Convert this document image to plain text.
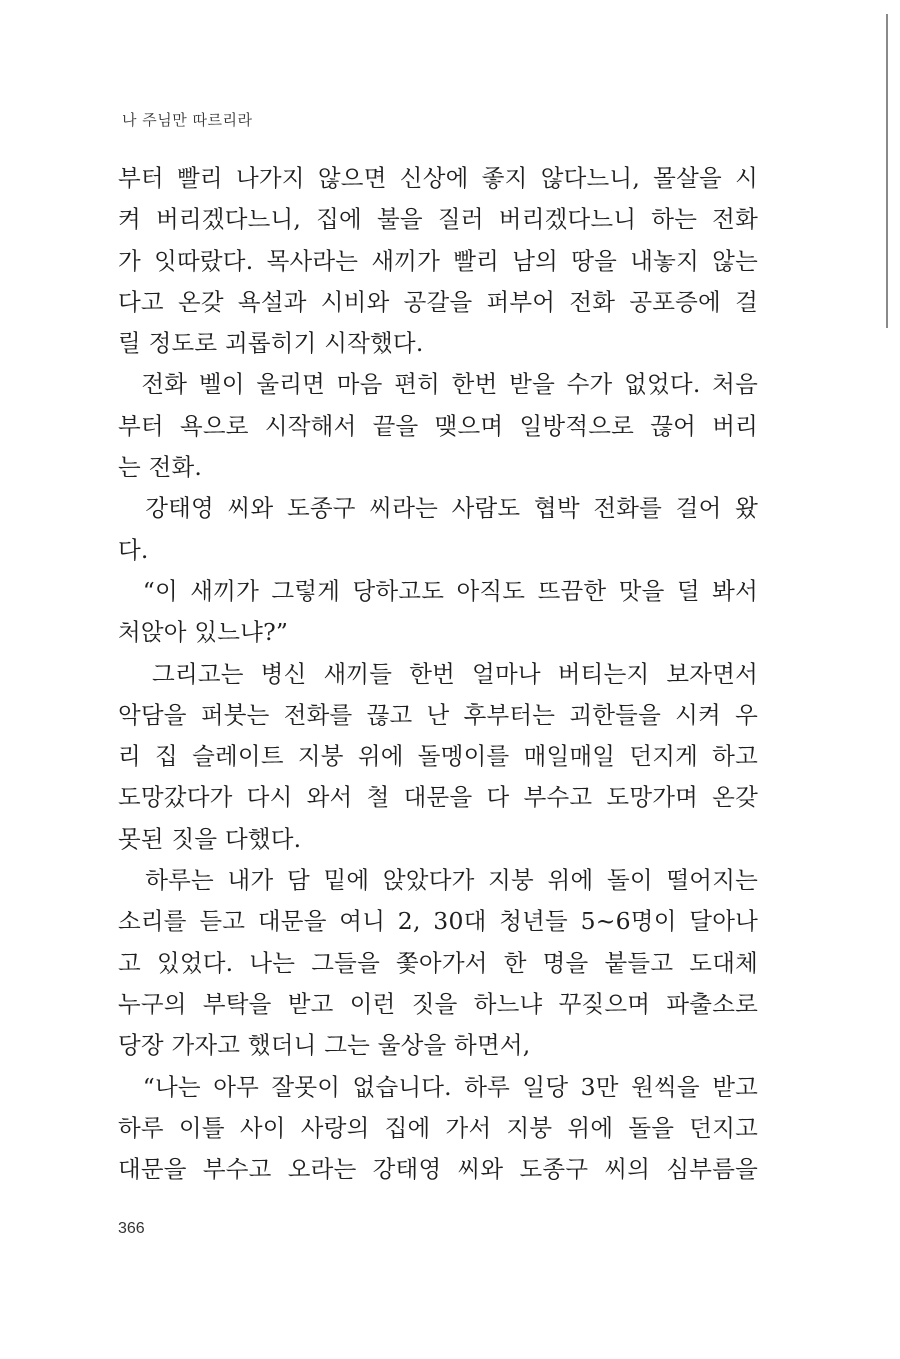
나 주님만 따르리라
부터 빨리 나가지 않으면 신상에 좋지 않다느니, 몰살을 시
켜 버리겠다느니, 집에 불을 질러 버리겠다느니 하는 전화
가 잇따랐다. 목사라는 새끼가 빨리 남의 땅을 내놓지 않는
다고 온갖 욕설과 시비와 공갈을 퍼부어 전화 공포증에 걸
릴 정도로 괴롭히기 시작했다.
전화 벨이 울리면 마음 편히 한번 받을 수가 없었다. 처음
부터 욕으로 시작해서 끝을 맺으며 일방적으로 끊어 버리
는 전화.
강태영 씨와 도종구 씨라는 사람도 협박 전화를 걸어 왔
다.
“이 새끼가 그렇게 당하고도 아직도 뜨끔한 맛을 덜 봐서
처앉아 있느냐?”
그리고는 병신 새끼들 한번 얼마나 버티는지 보자면서
악담을 퍼붓는 전화를 끊고 난 후부터는 괴한들을 시켜 우
리 집 슬레이트 지붕 위에 돌멩이를 매일매일 던지게 하고
도망갔다가 다시 와서 철 대문을 다 부수고 도망가며 온갖
못된 짓을 다했다.
하루는 내가 담 밑에 앉았다가 지붕 위에 돌이 떨어지는
소리를 듣고 대문을 여니 2, 30대 청년들 5~6명이 달아나
고 있었다. 나는 그들을 쫓아가서 한 명을 붙들고 도대체
누구의 부탁을 받고 이런 짓을 하느냐 꾸짖으며 파출소로
당장 가자고 했더니 그는 울상을 하면서,
“나는 아무 잘못이 없습니다. 하루 일당 3만 원씩을 받고
하루 이틀 사이 사랑의 집에 가서 지붕 위에 돌을 던지고
대문을 부수고 오라는 강태영 씨와 도종구 씨의 심부름을
366
